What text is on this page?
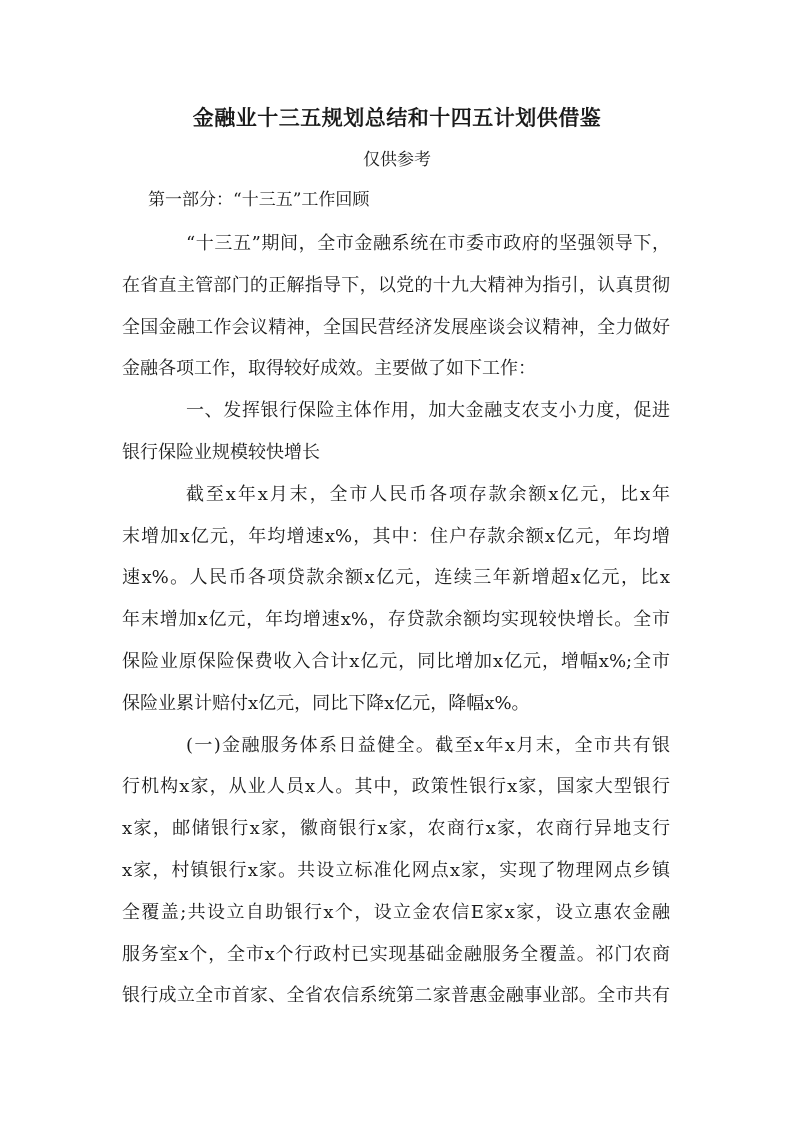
金融业十三五规划总结和十四五计划供借鉴
仅供参考
第一部分：“十三五”工作回顾
“十三五”期间，全市金融系统在市委市政府的坚强领导下，
在省直主管部门的正解指导下，以党的十九大精神为指引，认真贯彻
全国金融工作会议精神，全国民营经济发展座谈会议精神，全力做好
金融各项工作，取得较好成效。主要做了如下工作：
一、发挥银行保险主体作用，加大金融支农支小力度，促进
银行保险业规模较快增长
截至x年x月末，全市人民币各项存款余额x亿元，比x年
末增加x亿元，年均增速x%，其中：住户存款余额x亿元，年均增
速x%。人民币各项贷款余额x亿元，连续三年新增超x亿元，比x
年末增加x亿元，年均增速x%，存贷款余额均实现较快增长。全市
保险业原保险保费收入合计x亿元，同比增加x亿元，增幅x%;全市
保险业累计赔付x亿元，同比下降x亿元，降幅x%。
(一)金融服务体系日益健全。截至x年x月末，全市共有银
行机构x家，从业人员x人。其中，政策性银行x家，国家大型银行
x家，邮储银行x家，徽商银行x家，农商行x家，农商行异地支行
x家，村镇银行x家。共设立标准化网点x家，实现了物理网点乡镇
全覆盖;共设立自助银行x个，设立金农信E家x家，设立惠农金融
服务室x个，全市x个行政村已实现基础金融服务全覆盖。祁门农商
银行成立全市首家、全省农信系统第二家普惠金融事业部。全市共有
